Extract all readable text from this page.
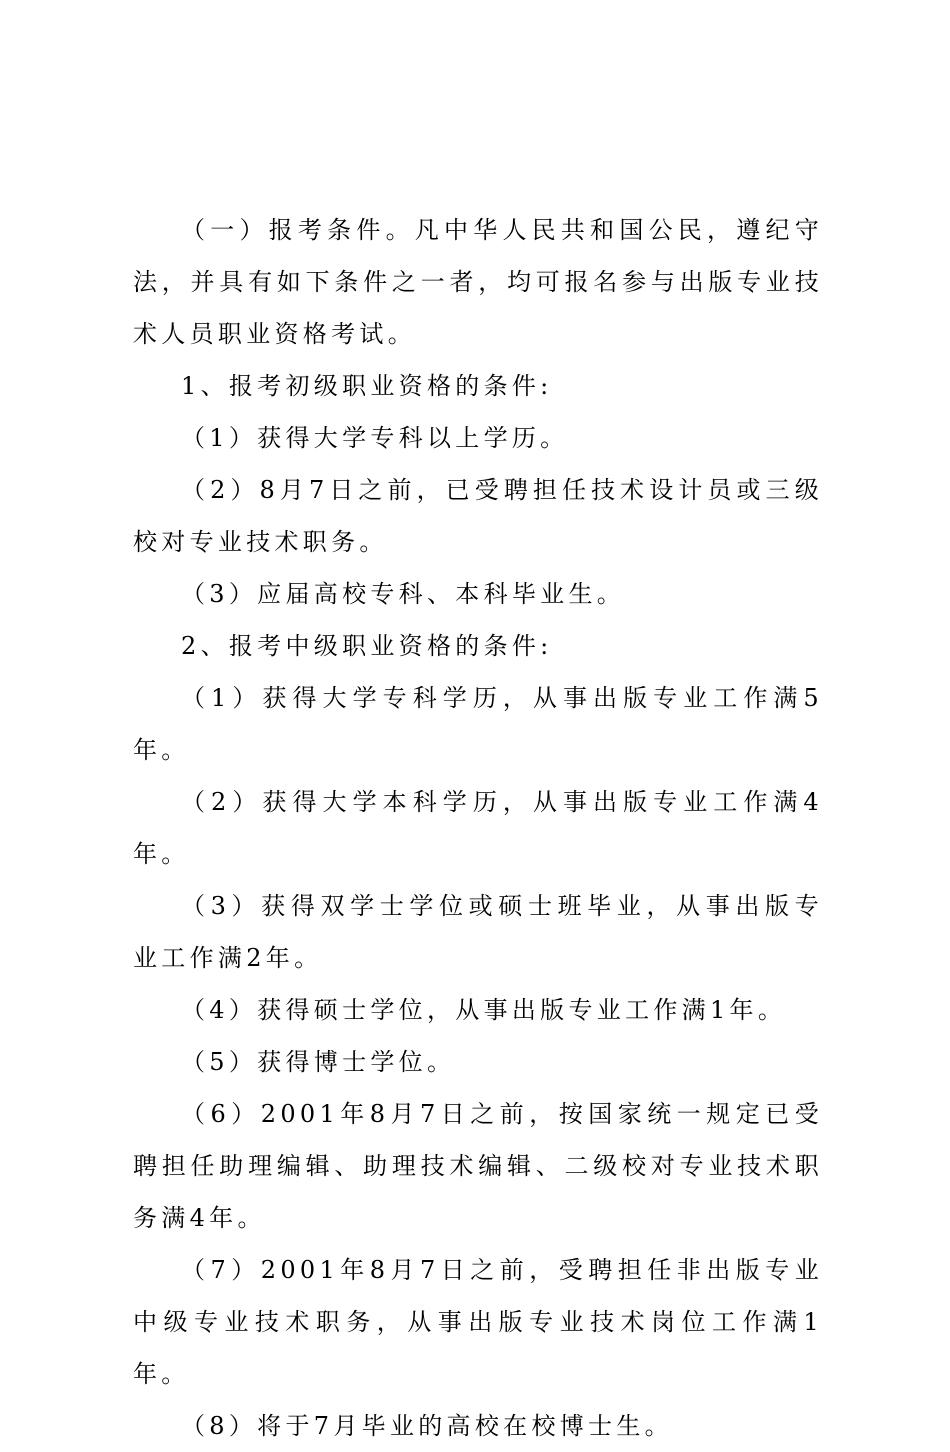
（一）报考条件。凡中华人民共和国公民，遵纪守法，并具有如下条件之一者，均可报名参与出版专业技术人员职业资格考试。

1、报考初级职业资格的条件:

（1）获得大学专科以上学历。

（2）8月7日之前，已受聘担任技术设计员或三级校对专业技术职务。

（3）应届高校专科、本科毕业生。

2、报考中级职业资格的条件:

（1）获得大学专科学历，从事出版专业工作满5年。

（2）获得大学本科学历，从事出版专业工作满4年。

（3）获得双学士学位或硕士班毕业，从事出版专业工作满2年。

（4）获得硕士学位，从事出版专业工作满1年。

（5）获得博士学位。

（6）2001年8月7日之前，按国家统一规定已受聘担任助理编辑、助理技术编辑、二级校对专业技术职务满4年。

（7）2001年8月7日之前，受聘担任非出版专业中级专业技术职务，从事出版专业技术岗位工作满1年。

（8）将于7月毕业的高校在校博士生。
